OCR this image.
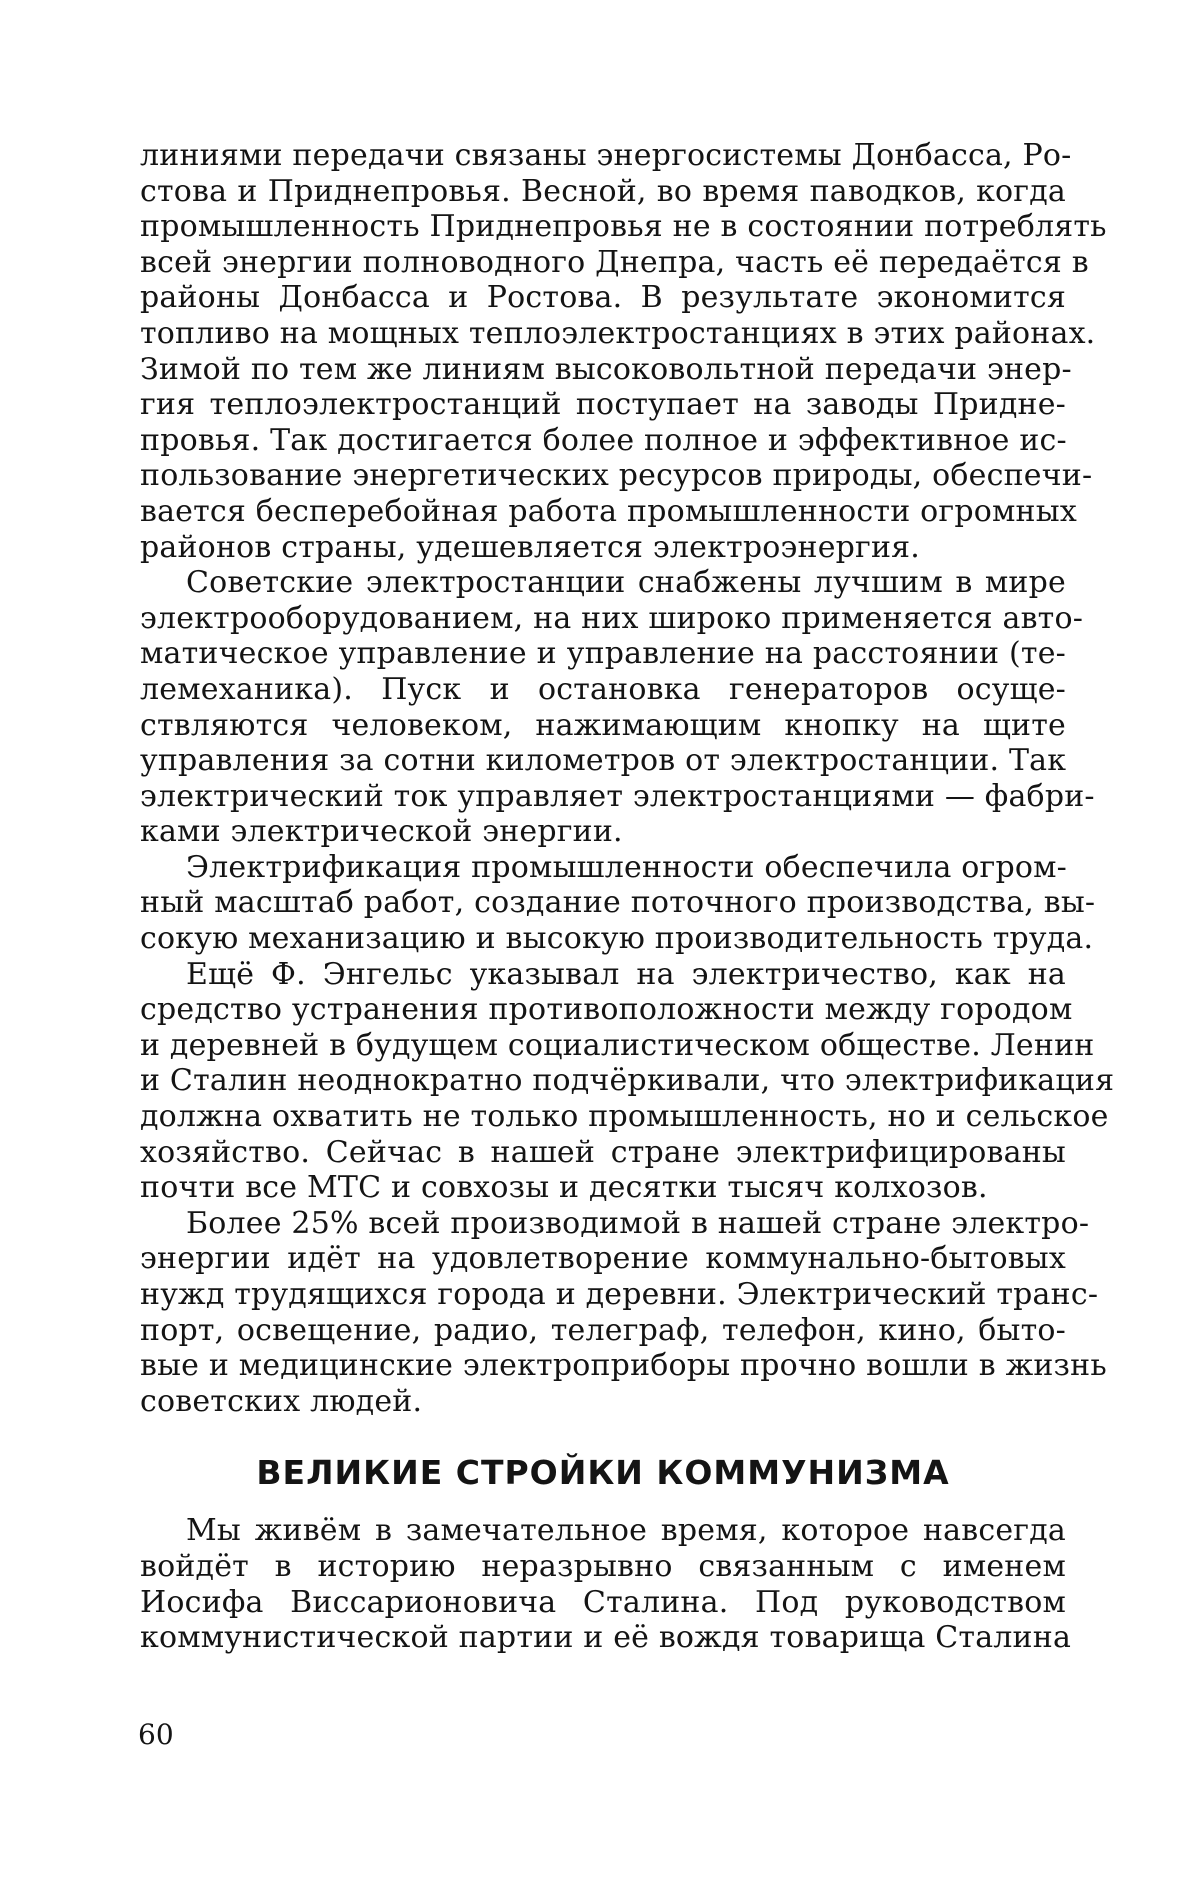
линиями передачи связаны энергосистемы Донбасса, Ро-
стова и Приднепровья. Весной, во время паводков, когда
промышленность Приднепровья не в состоянии потреблять
всей энергии полноводного Днепра, часть её передаётся в
районы Донбасса и Ростова. В результате экономится
топливо на мощных теплоэлектростанциях в этих районах.
Зимой по тем же линиям высоковольтной передачи энер-
гия теплоэлектростанций поступает на заводы Придне-
провья. Так достигается более полное и эффективное ис-
пользование энергетических ресурсов природы, обеспечи-
вается бесперебойная работа промышленности огромных
районов страны, удешевляется электроэнергия.
Советские электростанции снабжены лучшим в мире
электрооборудованием, на них широко применяется авто-
матическое управление и управление на расстоянии (те-
лемеханика). Пуск и остановка генераторов осуще-
ствляются человеком, нажимающим кнопку на щите
управления за сотни километров от электростанции. Так
электрический ток управляет электростанциями — фабри-
ками электрической энергии.
Электрификация промышленности обеспечила огром-
ный масштаб работ, создание поточного производства, вы-
сокую механизацию и высокую производительность труда.
Ещё Ф. Энгельс указывал на электричество, как на
средство устранения противоположности между городом
и деревней в будущем социалистическом обществе. Ленин
и Сталин неоднократно подчёркивали, что электрификация
должна охватить не только промышленность, но и сельское
хозяйство. Сейчас в нашей стране электрифицированы
почти все МТС и совхозы и десятки тысяч колхозов.
Более 25% всей производимой в нашей стране электро-
энергии идёт на удовлетворение коммунально-бытовых
нужд трудящихся города и деревни. Электрический транс-
порт, освещение, радио, телеграф, телефон, кино, быто-
вые и медицинские электроприборы прочно вошли в жизнь
советских людей.
ВЕЛИКИЕ СТРОЙКИ КОММУНИЗМА
Мы живём в замечательное время, которое навсегда
войдёт в историю неразрывно связанным с именем
Иосифа Виссарионовича Сталина. Под руководством
коммунистической партии и её вождя товарища Сталина
60
